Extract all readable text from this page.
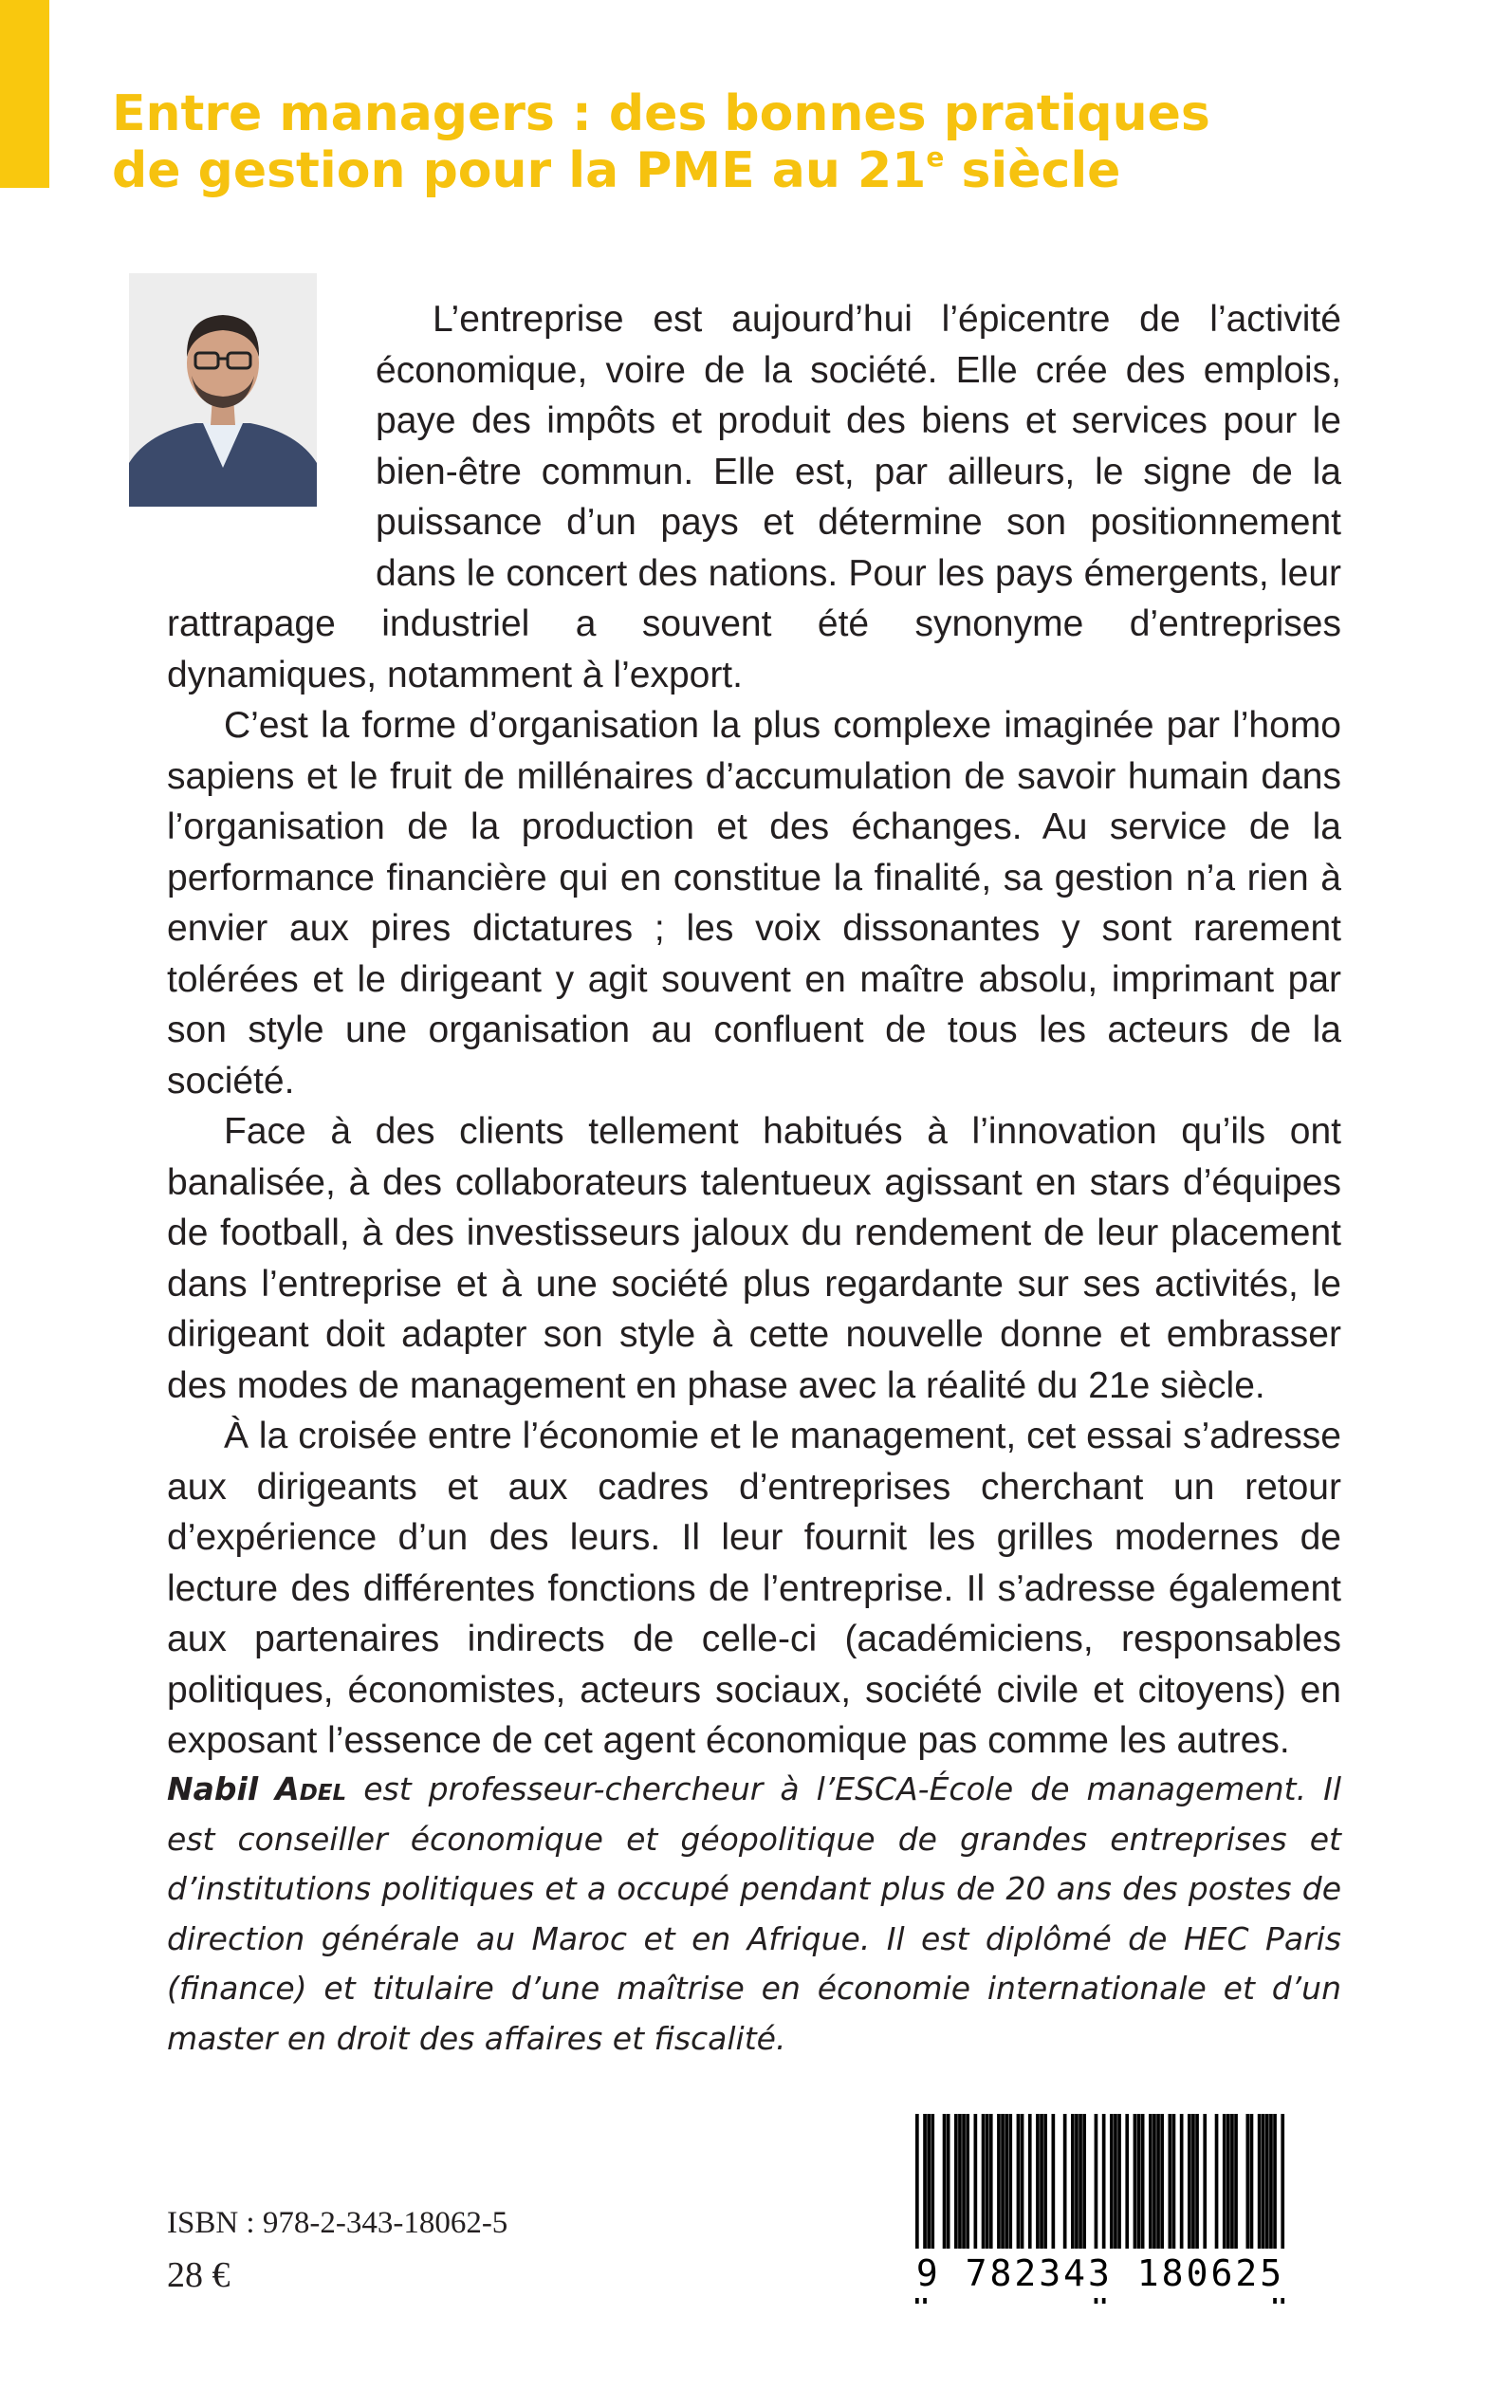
Entre managers : des bonnes pratiques
de gestion pour la PME au 21e siècle

L’entreprise est aujourd’hui l’épicentre de l’activité économique, voire de la société. Elle crée des emplois, paye des impôts et produit des biens et services pour le bien-être commun. Elle est, par ailleurs, le signe de la puissance d’un pays et détermine son positionnement dans le concert des nations. Pour les pays émergents, leur rattrapage industriel a souvent été synonyme d’entreprises dynamiques, notamment à l’export.

C’est la forme d’organisation la plus complexe imaginée par l’homo sapiens et le fruit de millénaires d’accumulation de savoir humain dans l’organisation de la production et des échanges. Au service de la performance financière qui en constitue la finalité, sa gestion n’a rien à envier aux pires dictatures ; les voix dissonantes y sont rarement tolérées et le dirigeant y agit souvent en maître absolu, imprimant par son style une organisation au confluent de tous les acteurs de la société.

Face à des clients tellement habitués à l’innovation qu’ils ont banalisée, à des collaborateurs talentueux agissant en stars d’équipes de football, à des investisseurs jaloux du rendement de leur placement dans l’entreprise et à une société plus regardante sur ses activités, le dirigeant doit adapter son style à cette nouvelle donne et embrasser des modes de management en phase avec la réalité du 21e siècle.

À la croisée entre l’économie et le management, cet essai s’adresse aux dirigeants et aux cadres d’entreprises cherchant un retour d’expérience d’un des leurs. Il leur fournit les grilles modernes de lecture des différentes fonctions de l’entreprise. Il s’adresse également aux partenaires indirects de celle-ci (académiciens, responsables politiques, économistes, acteurs sociaux, société civile et citoyens) en exposant l’essence de cet agent économique pas comme les autres.

Nabil Adel est professeur-chercheur à l’ESCA-École de management. Il est conseiller économique et géopolitique de grandes entreprises et d’institutions politiques et a occupé pendant plus de 20 ans des postes de direction générale au Maroc et en Afrique. Il est diplômé de HEC Paris (finance) et titulaire d’une maîtrise en économie internationale et d’un master en droit des affaires et fiscalité.

ISBN : 978-2-343-18062-5
28 €	9 782343 180625
